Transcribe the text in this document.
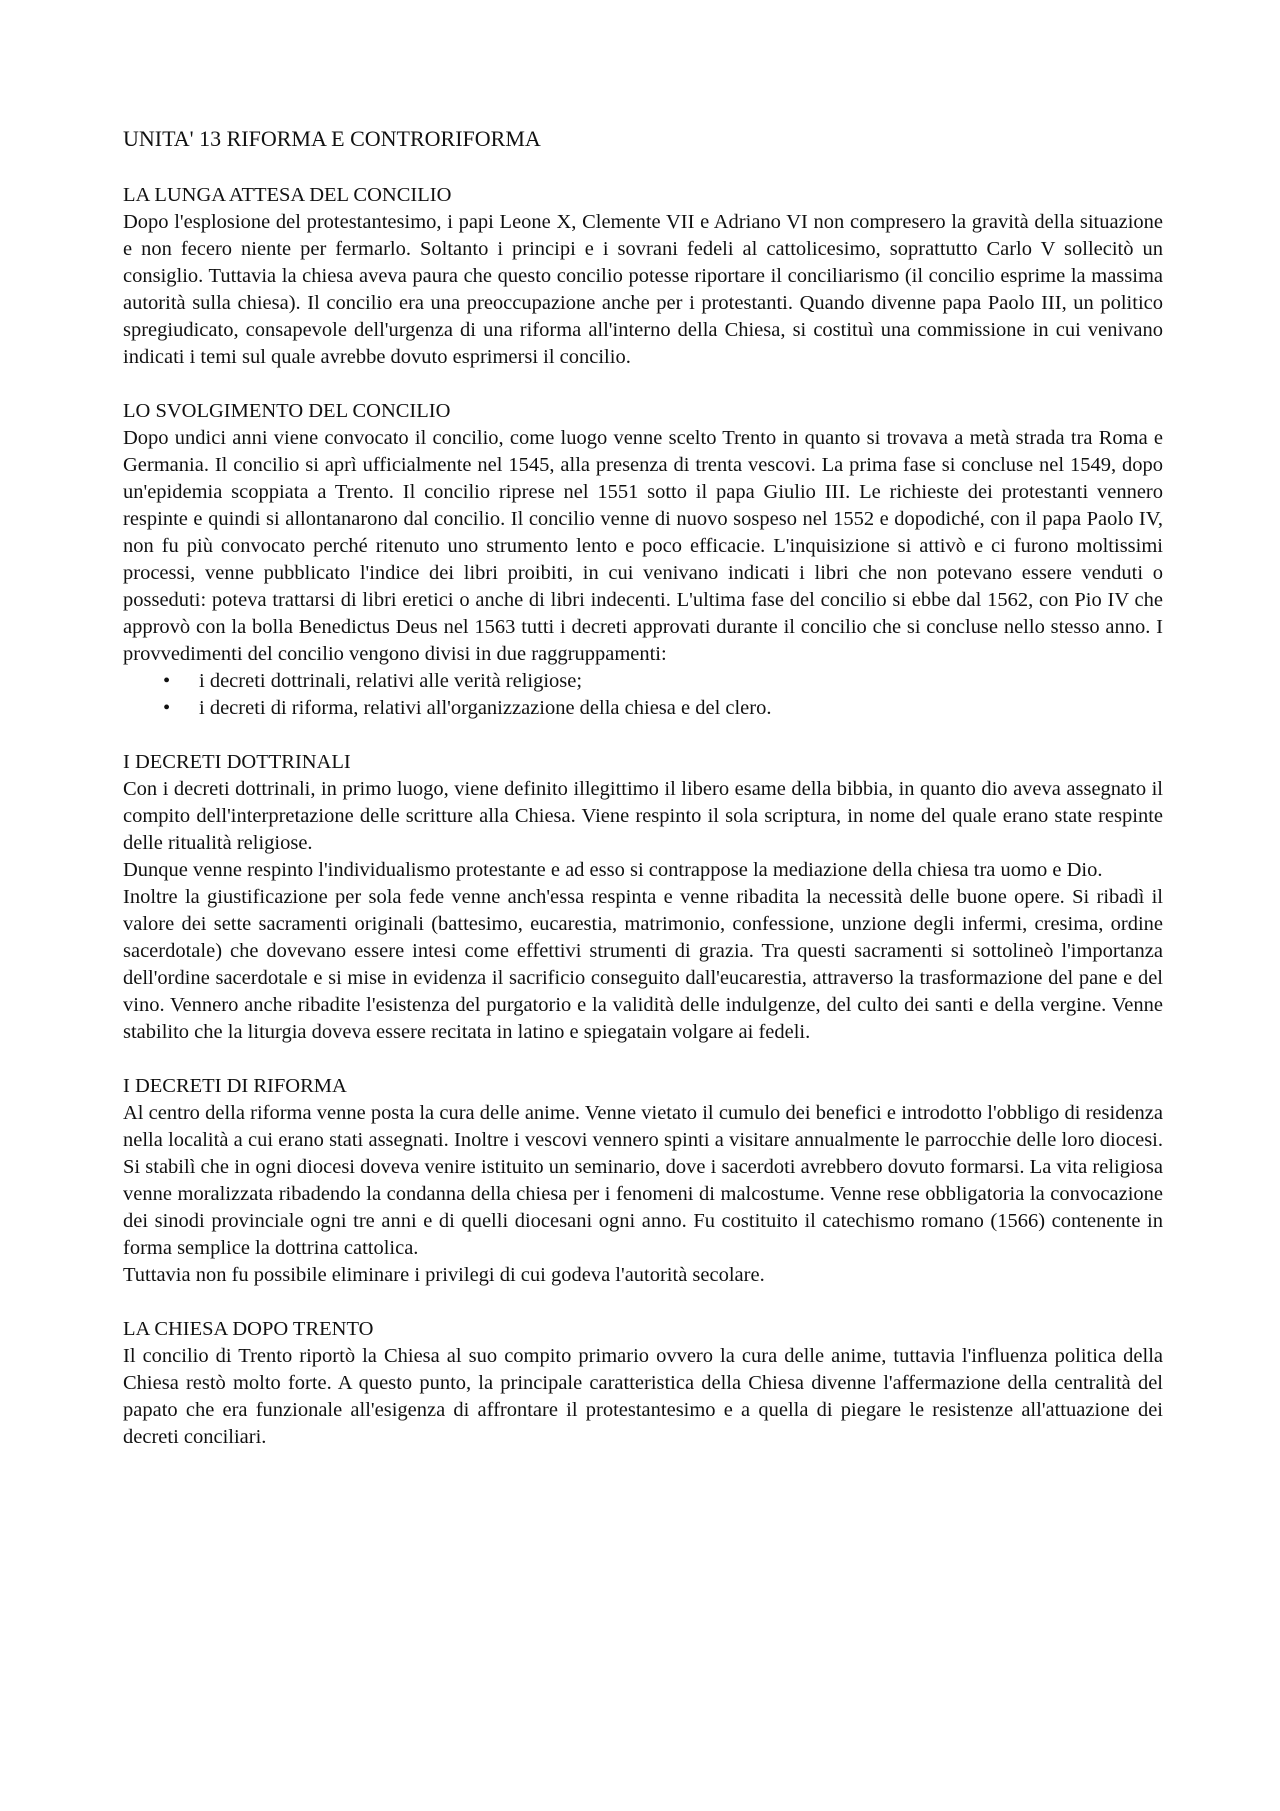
UNITA' 13 RIFORMA E CONTRORIFORMA
LA LUNGA ATTESA DEL CONCILIO

Dopo l'esplosione del protestantesimo, i papi Leone X, Clemente VII e Adriano VI non compresero la gravità della situazione e non fecero niente per fermarlo. Soltanto i principi e i sovrani fedeli al cattolicesimo, soprattutto Carlo V sollecitò un consiglio. Tuttavia la chiesa aveva paura che questo concilio potesse riportare il conciliarismo (il concilio esprime la massima autorità sulla chiesa). Il concilio era una preoccupazione anche per i protestanti. Quando divenne papa Paolo III, un politico spregiudicato, consapevole dell'urgenza di una riforma all'interno della Chiesa, si costituì una commissione in cui venivano indicati i temi sul quale avrebbe dovuto esprimersi il concilio.

LO SVOLGIMENTO DEL CONCILIO

Dopo undici anni viene convocato il concilio, come luogo venne scelto Trento in quanto si trovava a metà strada tra Roma e Germania. Il concilio si aprì ufficialmente nel 1545, alla presenza di trenta vescovi. La prima fase si concluse nel 1549, dopo un'epidemia scoppiata a Trento. Il concilio riprese nel 1551 sotto il papa Giulio III. Le richieste dei protestanti vennero respinte e quindi si allontanarono dal concilio. Il concilio venne di nuovo sospeso nel 1552 e dopodiché, con il papa Paolo IV, non fu più convocato perché ritenuto uno strumento lento e poco efficacie. L'inquisizione si attivò e ci furono moltissimi processi, venne pubblicato l'indice dei libri proibiti, in cui venivano indicati i libri che non potevano essere venduti o posseduti: poteva trattarsi di libri eretici o anche di libri indecenti. L'ultima fase del concilio si ebbe dal 1562, con Pio IV che approvò con la bolla Benedictus Deus nel 1563 tutti i decreti approvati durante il concilio che si concluse nello stesso anno. I provvedimenti del concilio vengono divisi in due raggruppamenti:

• i decreti dottrinali, relativi alle verità religiose;
• i decreti di riforma, relativi all'organizzazione della chiesa e del clero.
I DECRETI DOTTRINALI

Con i decreti dottrinali, in primo luogo, viene definito illegittimo il libero esame della bibbia, in quanto dio aveva assegnato il compito dell'interpretazione delle scritture alla Chiesa. Viene respinto il sola scriptura, in nome del quale erano state respinte delle ritualità religiose.

Dunque venne respinto l'individualismo protestante e ad esso si contrappose la mediazione della chiesa tra uomo e Dio.

Inoltre la giustificazione per sola fede venne anch'essa respinta e venne ribadita la necessità delle buone opere. Si ribadì il valore dei sette sacramenti originali (battesimo, eucarestia, matrimonio, confessione, unzione degli infermi, cresima, ordine sacerdotale) che dovevano essere intesi come effettivi strumenti di grazia. Tra questi sacramenti si sottolineò l'importanza dell'ordine sacerdotale e si mise in evidenza il sacrificio conseguito dall'eucarestia, attraverso la trasformazione del pane e del vino. Vennero anche ribadite l'esistenza del purgatorio e la validità delle indulgenze, del culto dei santi e della vergine. Venne stabilito che la liturgia doveva essere recitata in latino e spiegatain volgare ai fedeli.

I DECRETI DI RIFORMA

Al centro della riforma venne posta la cura delle anime. Venne vietato il cumulo dei benefici e introdotto l'obbligo di residenza nella località a cui erano stati assegnati. Inoltre i vescovi vennero spinti a visitare annualmente le parrocchie delle loro diocesi. Si stabilì che in ogni diocesi doveva venire istituito un seminario, dove i sacerdoti avrebbero dovuto formarsi. La vita religiosa venne moralizzata ribadendo la condanna della chiesa per i fenomeni di malcostume. Venne rese obbligatoria la convocazione dei sinodi provinciale ogni tre anni e di quelli diocesani ogni anno. Fu costituito il catechismo romano (1566) contenente in forma semplice la dottrina cattolica.

Tuttavia non fu possibile eliminare i privilegi di cui godeva l'autorità secolare.

LA CHIESA DOPO TRENTO

Il concilio di Trento riportò la Chiesa al suo compito primario ovvero la cura delle anime, tuttavia l'influenza politica della Chiesa restò molto forte. A questo punto, la principale caratteristica della Chiesa divenne l'affermazione della centralità del papato che era funzionale all'esigenza di affrontare il protestantesimo e a quella di piegare le resistenze all'attuazione dei decreti conciliari.
